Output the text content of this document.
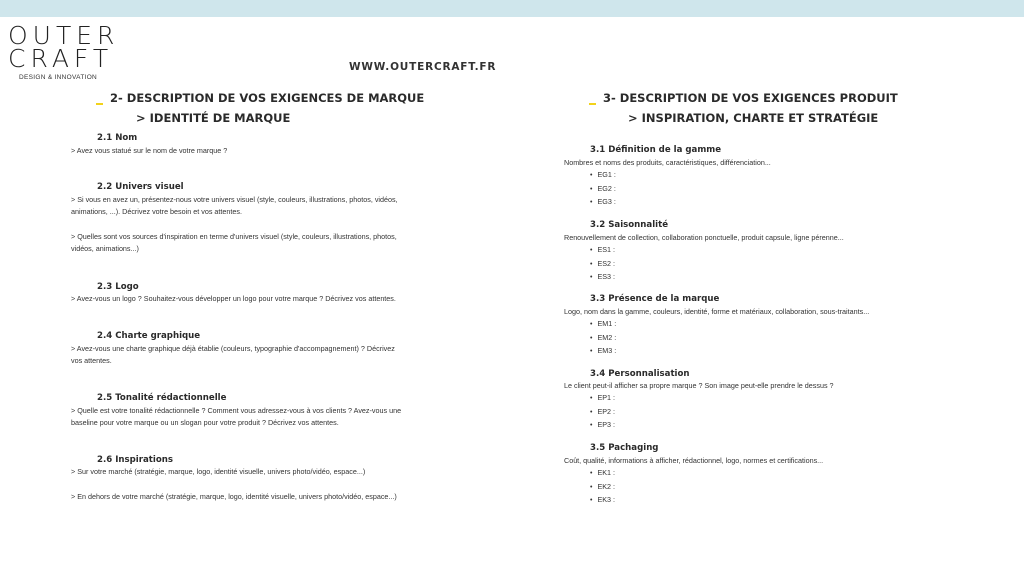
OUTER
CRAFT
DESIGN & INNOVATION
WWW.OUTERCRAFT.FR
2- DESCRIPTION DE VOS EXIGENCES DE MARQUE
> IDENTITÉ DE MARQUE
2.1 Nom
> Avez vous statué sur le nom de votre marque ?
2.2 Univers visuel
> Si vous en avez un, présentez-nous votre univers visuel (style, couleurs, illustrations, photos, vidéos,
animations, ...). Décrivez votre besoin et vos attentes.
> Quelles sont vos sources d'inspiration en terme d'univers visuel (style, couleurs, illustrations, photos,
vidéos, animations...)
2.3 Logo
> Avez-vous un logo ? Souhaitez-vous développer un logo pour votre marque ? Décrivez vos attentes.
2.4 Charte graphique
> Avez-vous une charte graphique déjà établie (couleurs, typographie d'accompagnement) ? Décrivez
vos attentes.
2.5 Tonalité rédactionnelle
> Quelle est votre tonalité rédactionnelle ? Comment vous adressez-vous à vos clients ? Avez-vous une
baseline pour votre marque ou un slogan pour votre produit ? Décrivez vos attentes.
2.6 Inspirations
> Sur votre marché (stratégie, marque, logo, identité visuelle, univers photo/vidéo, espace...)
> En dehors de votre marché (stratégie, marque, logo, identité visuelle, univers photo/vidéo, espace...)
3- DESCRIPTION DE VOS EXIGENCES PRODUIT
> INSPIRATION, CHARTE ET STRATÉGIE
3.1 Définition de la gamme
Nombres et noms des produits, caractéristiques, différenciation...
• EG1 :
• EG2 :
• EG3 :
3.2 Saisonnalité
Renouvellement de collection, collaboration ponctuelle, produit capsule, ligne pérenne...
• ES1 :
• ES2 :
• ES3 :
3.3 Présence de la marque
Logo, nom dans la gamme, couleurs, identité, forme et matériaux, collaboration, sous-traitants...
• EM1 :
• EM2 :
• EM3 :
3.4 Personnalisation
Le client peut-il afficher sa propre marque ? Son image peut-elle prendre le dessus ?
• EP1 :
• EP2 :
• EP3 :
3.5 Pachaging
Coût, qualité, informations à afficher, rédactionnel, logo, normes et certifications...
• EK1 :
• EK2 :
• EK3 :
